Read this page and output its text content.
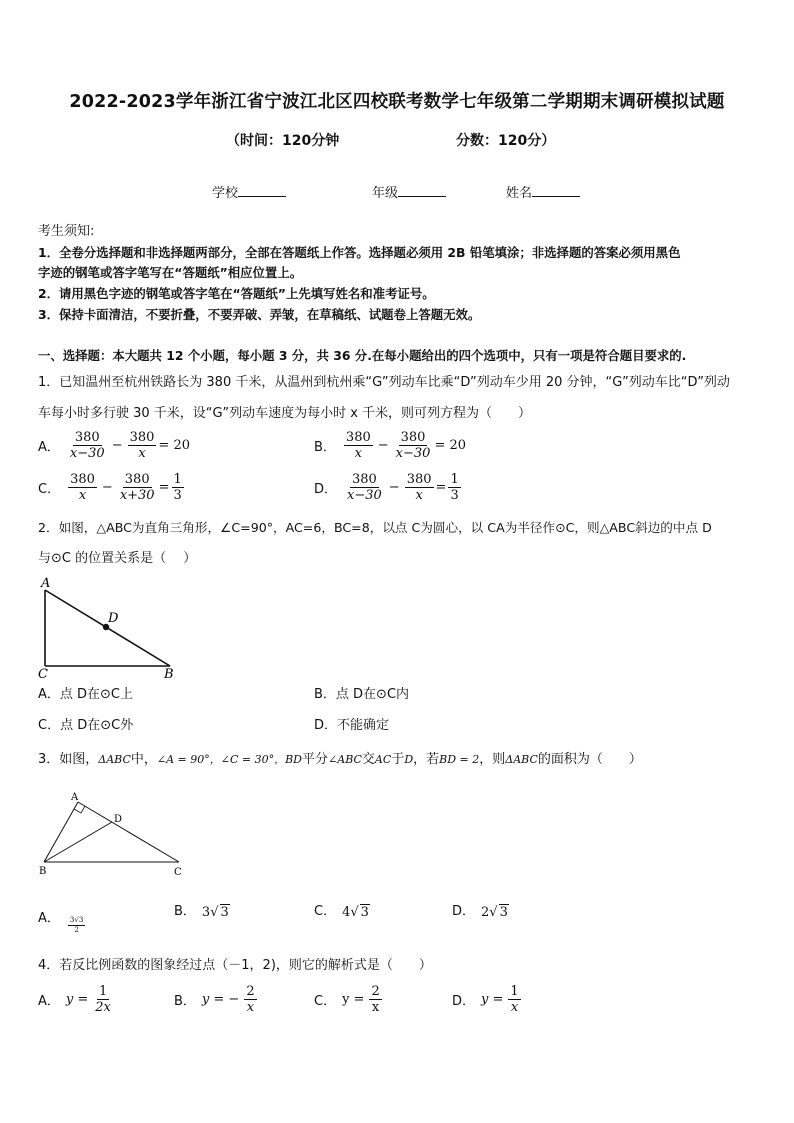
2022-2023学年浙江省宁波江北区四校联考数学七年级第二学期期末调研模拟试题
（时间：120分钟	分数：120分）
学校	年级	姓名
考生须知:
1．全卷分选择题和非选择题两部分，全部在答题纸上作答。选择题必须用 2B 铅笔填涂；非选择题的答案必须用黑色
字迹的钢笔或答字笔写在“答题纸”相应位置上。
2．请用黑色字迹的钢笔或答字笔在“答题纸”上先填写姓名和准考证号。
3．保持卡面清洁，不要折叠，不要弄破、弄皱，在草稿纸、试题卷上答题无效。
一、选择题：本大题共 12 个小题，每小题 3 分，共 36 分.在每小题给出的四个选项中，只有一项是符合题目要求的.
1．已知温州至杭州铁路长为 380 千米，从温州到杭州乘“G”列动车比乘“D”列动车少用 20 分钟，“G”列动车比“D”列动
车每小时多行驶 30 千米，设“G”列动车速度为每小时 x 千米，则可列方程为（　　）
A． $\frac{380}{x-30} - \frac{380}{x} = 20$	B． $\frac{380}{x} - \frac{380}{x-30} = 20$
C． $\frac{380}{x} - \frac{380}{x+30} = \frac{1}{3}$	D． $\frac{380}{x-30} - \frac{380}{x} = \frac{1}{3}$
2．如图，△ABC为直角三角形，∠C=90°，AC=6，BC=8，以点 C为圆心，以 CA为半径作⊙C，则△ABC斜边的中点 D
与⊙C 的位置关系是（　 ）
A
C	B
D
A．点 D在⊙C上	B．点 D在⊙C内
C．点 D在⊙C外	D．不能确定
3．如图，ΔABC中，∠A = 90°，∠C = 30°，BD平分∠ABC交AC于D，若BD = 2，则ΔABC的面积为（　　）
A
B	C
D
A． $\frac{3√3}{2}$
B． 3√ 3	C． 4√ 3	D． 2√ 3
4．若反比例函数的图象经过点（－1，2)，则它的解析式是（　　）
A． $y = \frac{1}{2x}$	B． y = − $\frac{2}{x}$	C． $y = \frac{2}{x}$	D． $y = \frac{1}{x}$
